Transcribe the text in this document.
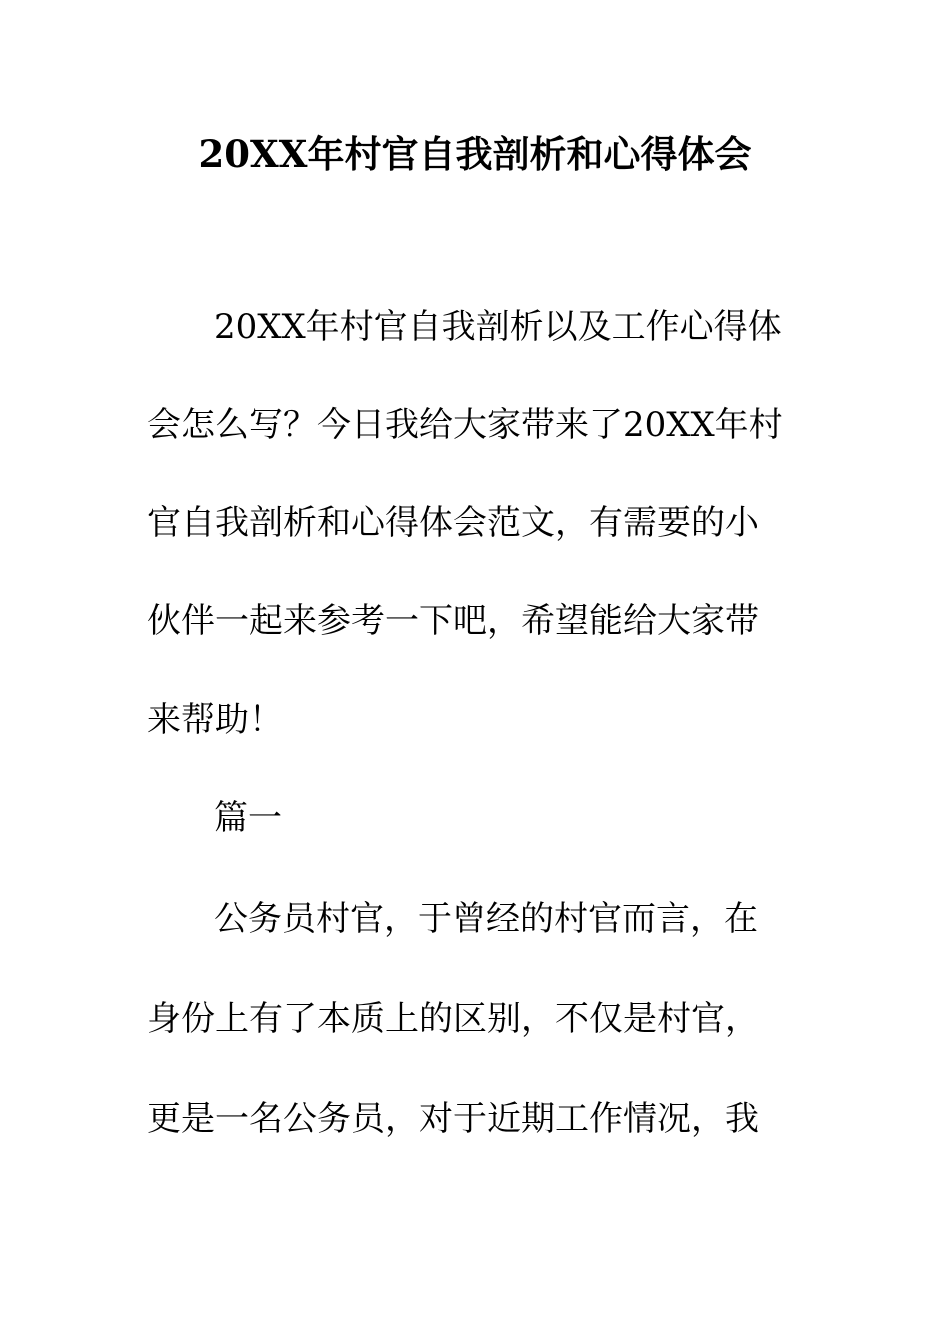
20XX年村官自我剖析和心得体会
20XX年村官自我剖析以及工作心得体
会怎么写？今日我给大家带来了20XX年村
官自我剖析和心得体会范文，有需要的小
伙伴一起来参考一下吧，希望能给大家带
来帮助！
篇一
公务员村官，于曾经的村官而言，在
身份上有了本质上的区别，不仅是村官，
更是一名公务员，对于近期工作情况，我
